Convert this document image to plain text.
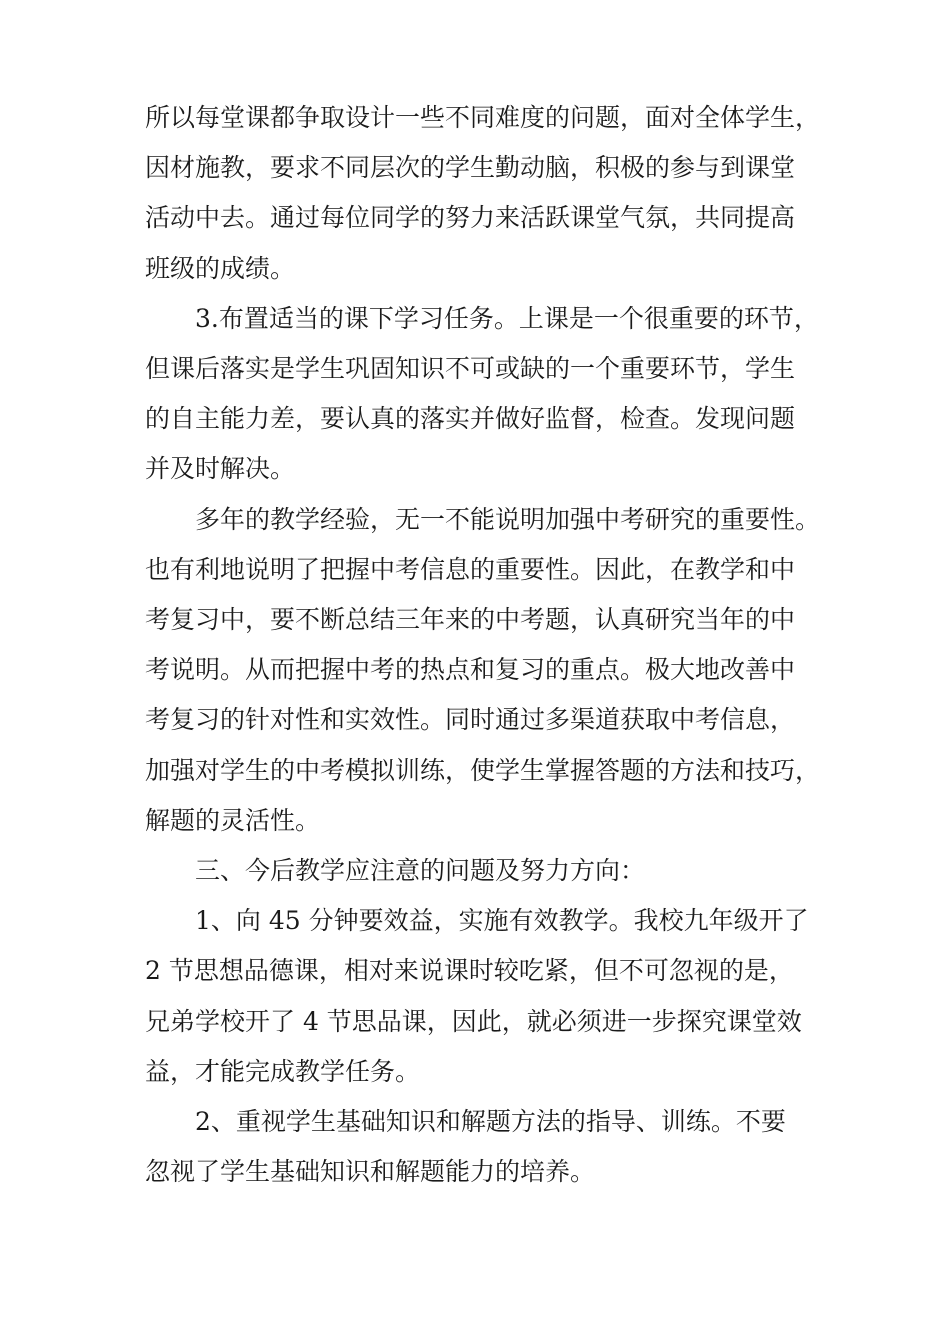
所以每堂课都争取设计一些不同难度的问题，面对全体学生，
因材施教，要求不同层次的学生勤动脑，积极的参与到课堂
活动中去。通过每位同学的努力来活跃课堂气氛，共同提高
班级的成绩。

3.布置适当的课下学习任务。上课是一个很重要的环节，
但课后落实是学生巩固知识不可或缺的一个重要环节，学生
的自主能力差，要认真的落实并做好监督，检查。发现问题
并及时解决。

多年的教学经验，无一不能说明加强中考研究的重要性。
也有利地说明了把握中考信息的重要性。因此，在教学和中
考复习中，要不断总结三年来的中考题，认真研究当年的中
考说明。从而把握中考的热点和复习的重点。极大地改善中
考复习的针对性和实效性。同时通过多渠道获取中考信息，
加强对学生的中考模拟训练，使学生掌握答题的方法和技巧，
解题的灵活性。

三、今后教学应注意的问题及努力方向：

1、向 45 分钟要效益，实施有效教学。我校九年级开了
2 节思想品德课，相对来说课时较吃紧，但不可忽视的是，
兄弟学校开了 4 节思品课，因此，就必须进一步探究课堂效
益，才能完成教学任务。

2、重视学生基础知识和解题方法的指导、训练。不要
忽视了学生基础知识和解题能力的培养。
